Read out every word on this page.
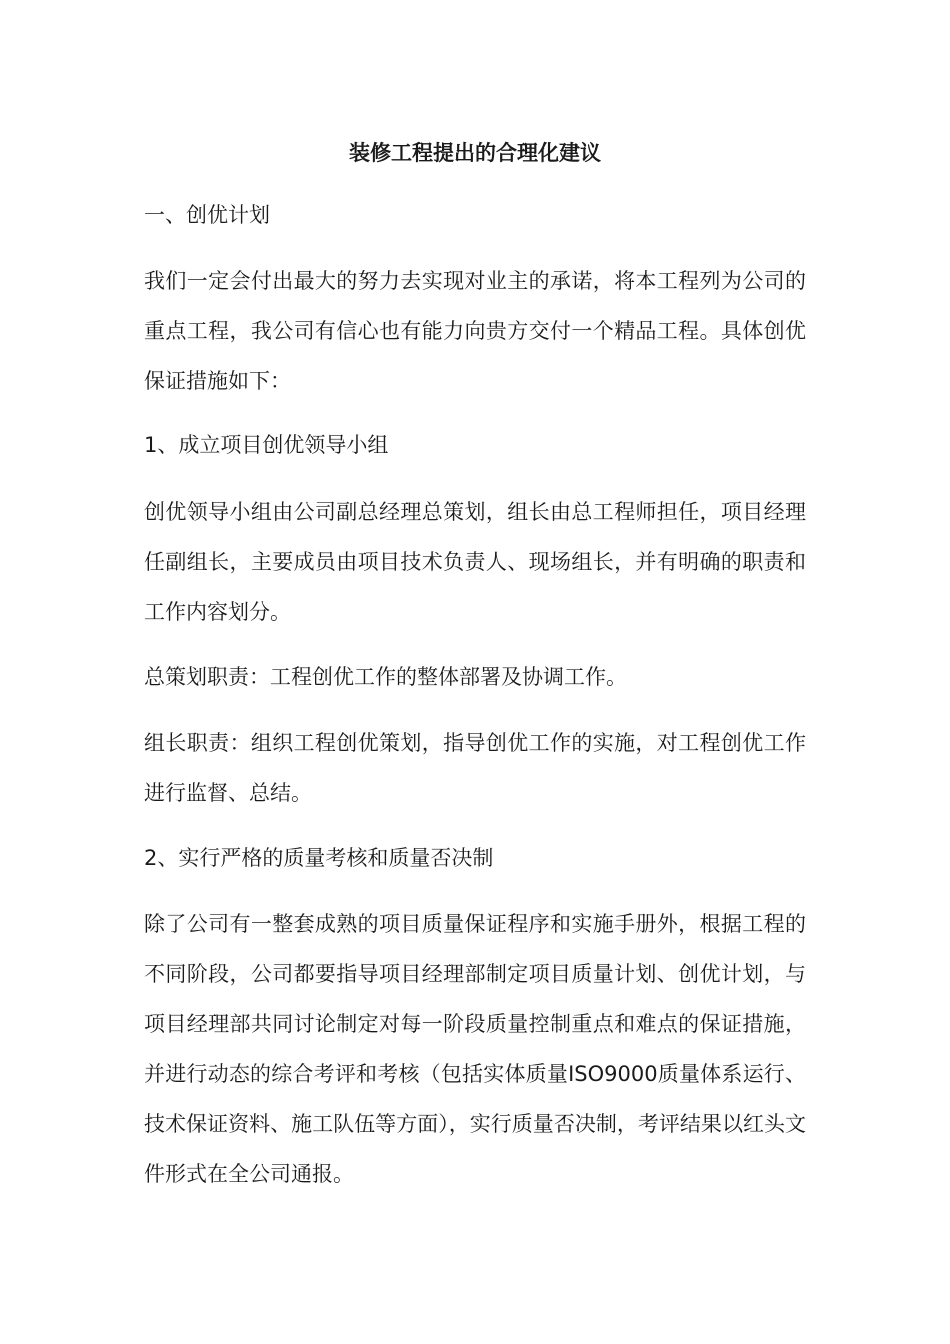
装修工程提出的合理化建议
一、创优计划
我们一定会付出最大的努力去实现对业主的承诺，将本工程列为公司的重点工程，我公司有信心也有能力向贵方交付一个精品工程。具体创优保证措施如下：
1、成立项目创优领导小组
创优领导小组由公司副总经理总策划，组长由总工程师担任，项目经理任副组长，主要成员由项目技术负责人、现场组长，并有明确的职责和工作内容划分。
总策划职责：工程创优工作的整体部署及协调工作。
组长职责：组织工程创优策划，指导创优工作的实施，对工程创优工作进行监督、总结。
2、实行严格的质量考核和质量否决制
除了公司有一整套成熟的项目质量保证程序和实施手册外，根据工程的不同阶段，公司都要指导项目经理部制定项目质量计划、创优计划，与项目经理部共同讨论制定对每一阶段质量控制重点和难点的保证措施，并进行动态的综合考评和考核（包括实体质量ISO9000质量体系运行、技术保证资料、施工队伍等方面），实行质量否决制，考评结果以红头文件形式在全公司通报。
